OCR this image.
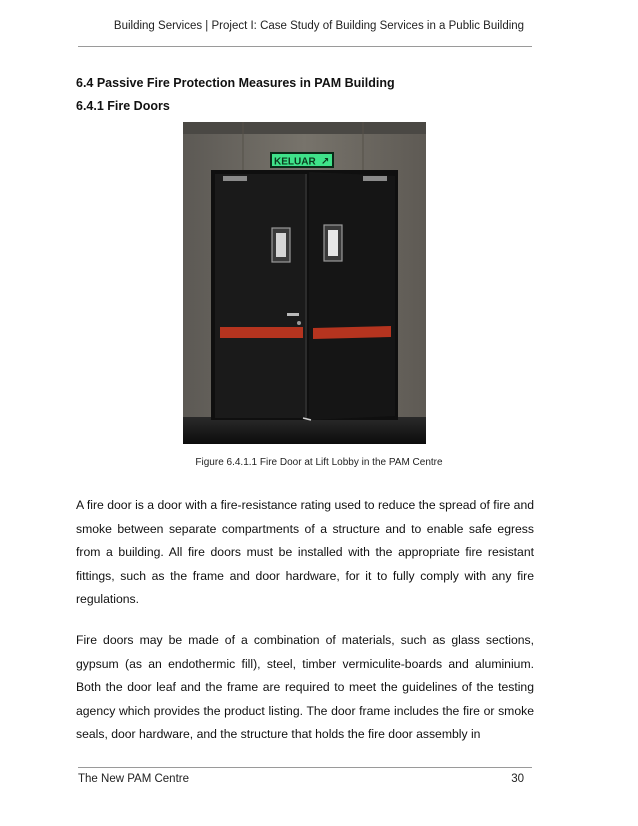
Building Services | Project I: Case Study of Building Services in a Public Building
6.4 Passive Fire Protection Measures in PAM Building
6.4.1 Fire Doors
KELUAR ↗
Figure 6.4.1.1 Fire Door at Lift Lobby in the PAM Centre

A fire door is a door with a fire-resistance rating used to reduce the spread of fire and smoke between separate compartments of a structure and to enable safe egress from a building. All fire doors must be installed with the appropriate fire resistant fittings, such as the frame and door hardware, for it to fully comply with any fire regulations.

Fire doors may be made of a combination of materials, such as glass sections, gypsum (as an endothermic fill), steel, timber vermiculite-boards and aluminium. Both the door leaf and the frame are required to meet the guidelines of the testing agency which provides the product listing. The door frame includes the fire or smoke seals, door hardware, and the structure that holds the fire door assembly in

The New PAM Centre	30
